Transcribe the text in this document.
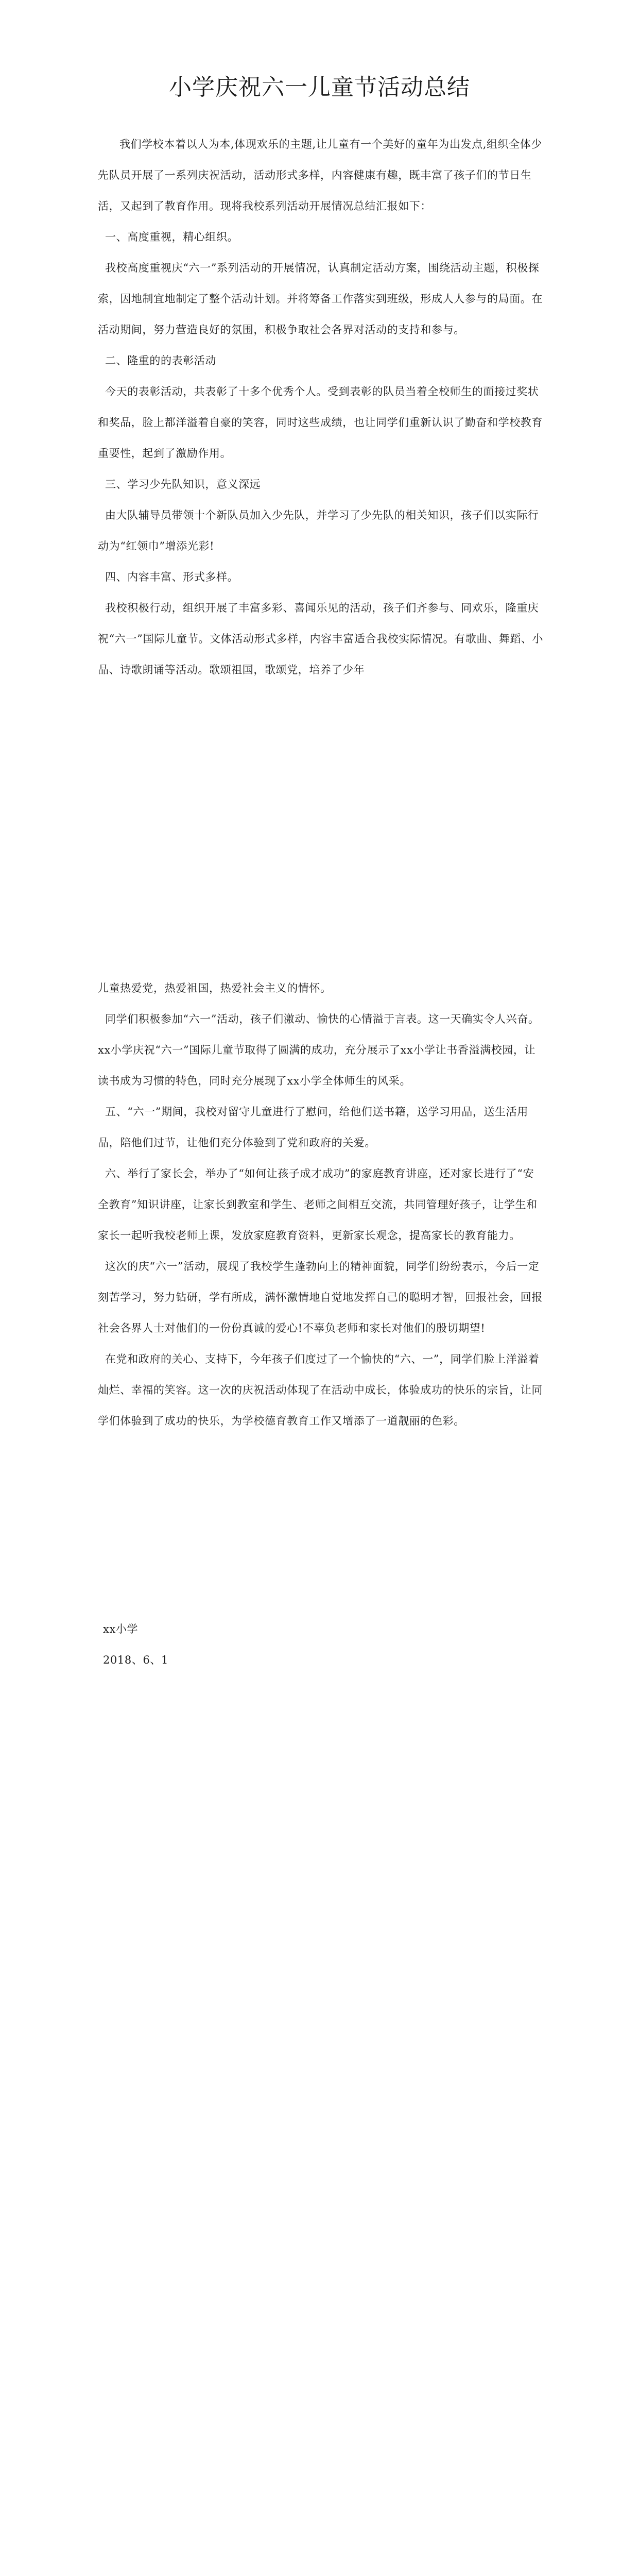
小学庆祝六一儿童节活动总结

我们学校本着以人为本,体现欢乐的主题,让儿童有一个美好的童年为出发点,组织全体少先队员开展了一系列庆祝活动，活动形式多样，内容健康有趣，既丰富了孩子们的节日生活，又起到了教育作用。现将我校系列活动开展情况总结汇报如下：

一、高度重视，精心组织。

我校高度重视庆“六一”系列活动的开展情况，认真制定活动方案，围绕活动主题，积极探索，因地制宜地制定了整个活动计划。并将筹备工作落实到班级，形成人人参与的局面。在活动期间，努力营造良好的氛围，积极争取社会各界对活动的支持和参与。

二、隆重的的表彰活动

今天的表彰活动，共表彰了十多个优秀个人。受到表彰的队员当着全校师生的面接过奖状和奖品，脸上都洋溢着自豪的笑容，同时这些成绩，也让同学们重新认识了勤奋和学校教育重要性，起到了激励作用。

三、学习少先队知识，意义深远

由大队辅导员带领十个新队员加入少先队，并学习了少先队的相关知识，孩子们以实际行动为“红领巾”增添光彩!

四、内容丰富、形式多样。

我校积极行动，组织开展了丰富多彩、喜闻乐见的活动，孩子们齐参与、同欢乐，隆重庆祝“六一”国际儿童节。文体活动形式多样，内容丰富适合我校实际情况。有歌曲、舞蹈、小品、诗歌朗诵等活动。歌颂祖国，歌颂党，培养了少年

儿童热爱党，热爱祖国，热爱社会主义的情怀。

同学们积极参加“六一”活动，孩子们激动、愉快的心情溢于言表。这一天确实令人兴奋。xx小学庆祝“六一”国际儿童节取得了圆满的成功，充分展示了xx小学让书香溢满校园，让读书成为习惯的特色，同时充分展现了xx小学全体师生的风采。

五、“六一”期间，我校对留守儿童进行了慰问，给他们送书籍，送学习用品，送生活用品，陪他们过节，让他们充分体验到了党和政府的关爱。

六、举行了家长会，举办了“如何让孩子成才成功”的家庭教育讲座，还对家长进行了“安全教育”知识讲座，让家长到教室和学生、老师之间相互交流，共同管理好孩子，让学生和家长一起听我校老师上课，发放家庭教育资料，更新家长观念，提高家长的教育能力。

这次的庆“六一”活动，展现了我校学生蓬勃向上的精神面貌，同学们纷纷表示，今后一定刻苦学习，努力钻研，学有所成，满怀激情地自觉地发挥自己的聪明才智，回报社会，回报社会各界人士对他们的一份份真诚的爱心!不辜负老师和家长对他们的殷切期望!

在党和政府的关心、支持下，今年孩子们度过了一个愉快的“六、一”，同学们脸上洋溢着灿烂、幸福的笑容。这一次的庆祝活动体现了在活动中成长，体验成功的快乐的宗旨，让同学们体验到了成功的快乐，为学校德育教育工作又增添了一道靓丽的色彩。

xx小学

2018、6、1
